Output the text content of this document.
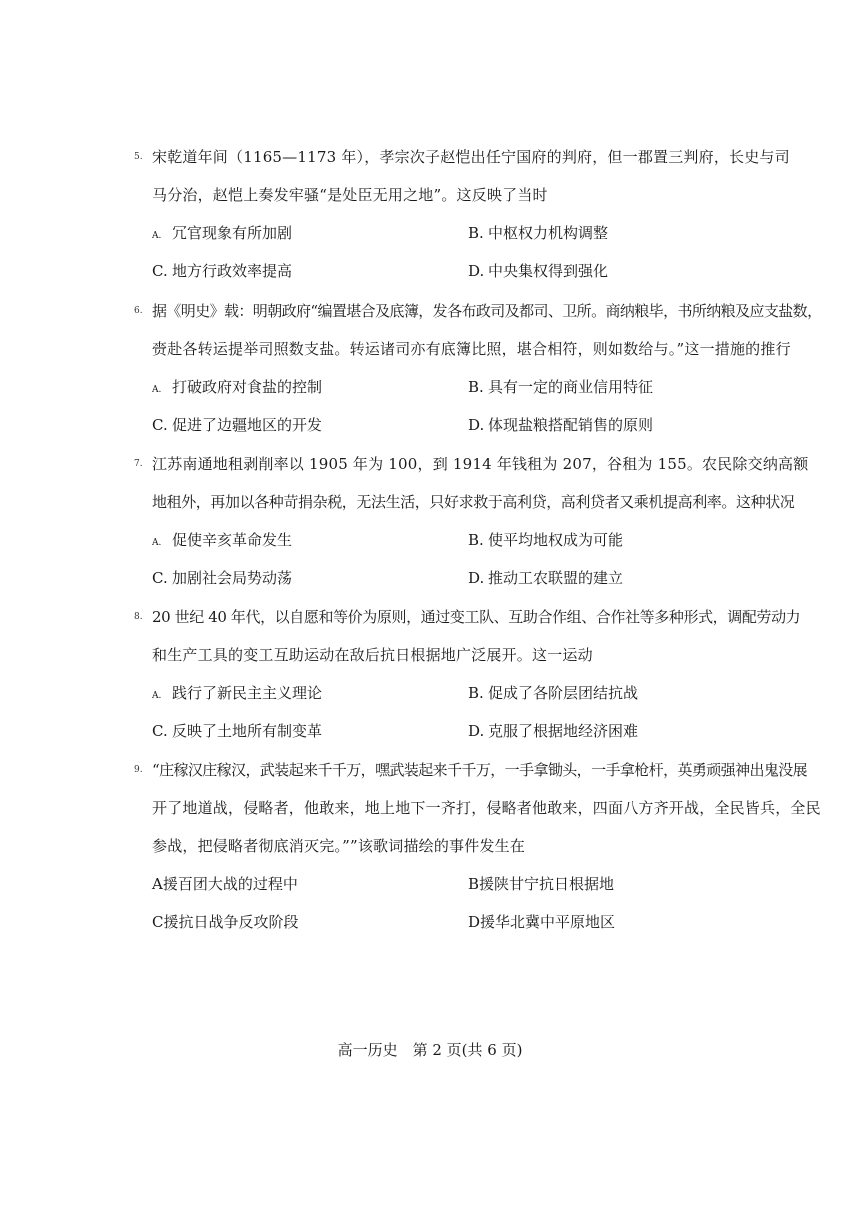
5. 宋乾道年间（1165—1173 年），孝宗次子赵恺出任宁国府的判府，但一郡置三判府，长史与司
马分治，赵恺上奏发牢骚“是处臣无用之地”。这反映了当时
A. 冗官现象有所加剧	B. 中枢权力机构调整
C. 地方行政效率提高	D. 中央集权得到强化
6. 据《明史》载：明朝政府“编置堪合及底簿，发各布政司及都司、卫所。商纳粮毕，书所纳粮及应支盐数，
赍赴各转运提举司照数支盐。转运诸司亦有底簿比照，堪合相符，则如数给与。”这一措施的推行
A. 打破政府对食盐的控制	B. 具有一定的商业信用特征
C. 促进了边疆地区的开发	D. 体现盐粮搭配销售的原则
7. 江苏南通地租剥削率以 1905 年为 100，到 1914 年钱租为 207，谷租为 155。农民除交纳高额
地租外，再加以各种苛捐杂税，无法生活，只好求救于高利贷，高利贷者又乘机提高利率。这种状况
A. 促使辛亥革命发生	B. 使平均地权成为可能
C. 加剧社会局势动荡	D. 推动工农联盟的建立
8. 20 世纪 40 年代，以自愿和等价为原则，通过变工队、互助合作组、合作社等多种形式，调配劳动力
和生产工具的变工互助运动在敌后抗日根据地广泛展开。这一运动
A. 践行了新民主主义理论	B. 促成了各阶层团结抗战
C. 反映了土地所有制变革	D. 克服了根据地经济困难
9. “庄稼汉庄稼汉，武装起来千千万，嘿武装起来千千万，一手拿锄头，一手拿枪杆，英勇顽强神出鬼没展
开了地道战，侵略者，他敢来，地上地下一齐打，侵略者他敢来，四面八方齐开战，全民皆兵，全民
参战，把侵略者彻底消灭完。””该歌词描绘的事件发生在
A援百团大战的过程中	B援陕甘宁抗日根据地
C援抗日战争反攻阶段	D援华北冀中平原地区
高一历史　第 2 页(共 6 页)
